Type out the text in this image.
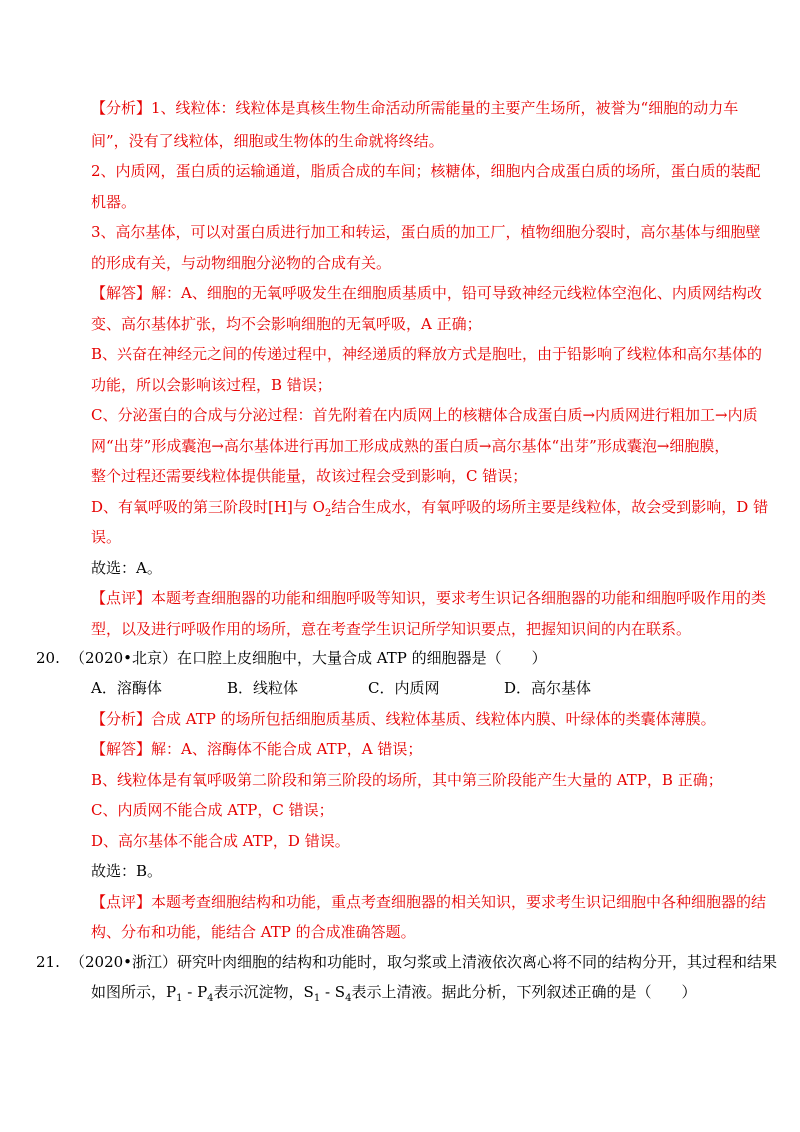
【分析】1、线粒体：线粒体是真核生物生命活动所需能量的主要产生场所，被誉为“细胞的动力车
间”，没有了线粒体，细胞或生物体的生命就将终结。
2、内质网，蛋白质的运输通道，脂质合成的车间；核糖体，细胞内合成蛋白质的场所，蛋白质的装配
机器。
3、高尔基体，可以对蛋白质进行加工和转运，蛋白质的加工厂，植物细胞分裂时，高尔基体与细胞壁
的形成有关，与动物细胞分泌物的合成有关。
【解答】解：A、细胞的无氧呼吸发生在细胞质基质中，铅可导致神经元线粒体空泡化、内质网结构改
变、高尔基体扩张，均不会影响细胞的无氧呼吸，A 正确；
B、兴奋在神经元之间的传递过程中，神经递质的释放方式是胞吐，由于铅影响了线粒体和高尔基体的
功能，所以会影响该过程，B 错误；
C、分泌蛋白的合成与分泌过程：首先附着在内质网上的核糖体合成蛋白质→内质网进行粗加工→内质
网“出芽”形成囊泡→高尔基体进行再加工形成成熟的蛋白质→高尔基体“出芽”形成囊泡→细胞膜，
整个过程还需要线粒体提供能量，故该过程会受到影响，C 错误；
D、有氧呼吸的第三阶段时[H]与 $O_2$结合生成水，有氧呼吸的场所主要是线粒体，故会受到影响，D 错
误。
故选：A。
【点评】本题考查细胞器的功能和细胞呼吸等知识，要求考生识记各细胞器的功能和细胞呼吸作用的类
型，以及进行呼吸作用的场所，意在考查学生识记所学知识要点，把握知识间的内在联系。
20. （2020•北京）在口腔上皮细胞中，大量合成 ATP 的细胞器是（　　）
A．溶酶体	B．线粒体	C．内质网	D．高尔基体
【分析】合成 ATP 的场所包括细胞质基质、线粒体基质、线粒体内膜、叶绿体的类囊体薄膜。
【解答】解：A、溶酶体不能合成 ATP，A 错误；
B、线粒体是有氧呼吸第二阶段和第三阶段的场所，其中第三阶段能产生大量的 ATP，B 正确；
C、内质网不能合成 ATP，C 错误；
D、高尔基体不能合成 ATP，D 错误。
故选：B。
【点评】本题考查细胞结构和功能，重点考查细胞器的相关知识，要求考生识记细胞中各种细胞器的结
构、分布和功能，能结合 ATP 的合成准确答题。
21. （2020•浙江）研究叶肉细胞的结构和功能时，取匀浆或上清液依次离心将不同的结构分开，其过程和结果
如图所示，$P_1 - P_4$表示沉淀物，$S_1 - S_4$表示上清液。据此分析，下列叙述正确的是（　　）
